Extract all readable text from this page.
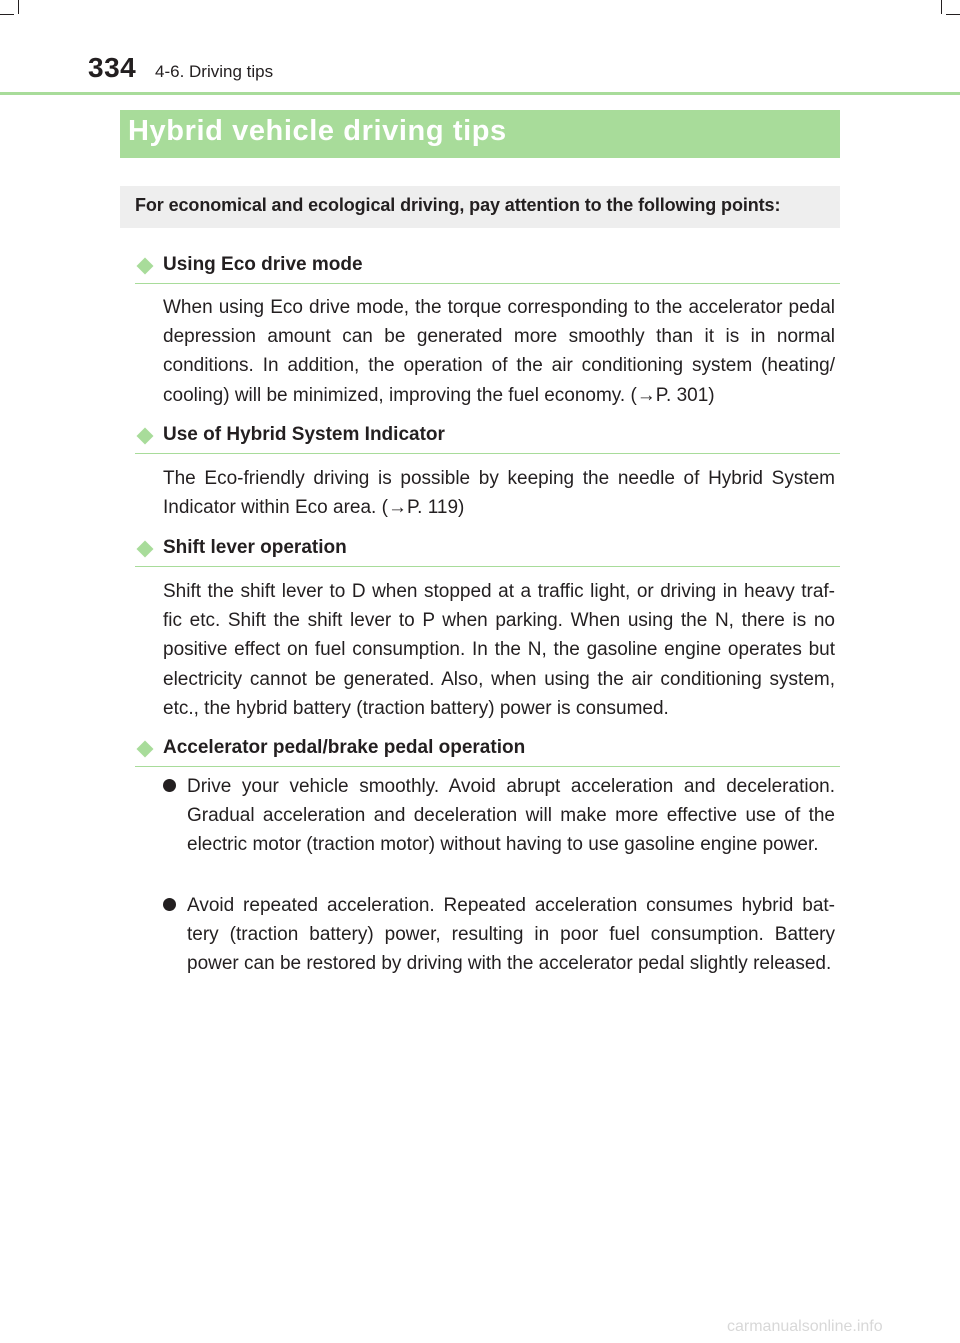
334 4-6. Driving tips
Hybrid vehicle driving tips
For economical and ecological driving, pay attention to the following points:
Using Eco drive mode
When using Eco drive mode, the torque corresponding to the accelerator pedal depression amount can be generated more smoothly than it is in normal conditions. In addition, the operation of the air conditioning system (heating/ cooling) will be minimized, improving the fuel economy. (→P. 301)
Use of Hybrid System Indicator
The Eco-friendly driving is possible by keeping the needle of Hybrid System Indicator within Eco area. (→P. 119)
Shift lever operation
Shift the shift lever to D when stopped at a traffic light, or driving in heavy traf- fic etc. Shift the shift lever to P when parking. When using the N, there is no positive effect on fuel consumption. In the N, the gasoline engine operates but electricity cannot be generated. Also, when using the air conditioning system, etc., the hybrid battery (traction battery) power is consumed.
Accelerator pedal/brake pedal operation
Drive your vehicle smoothly. Avoid abrupt acceleration and deceleration. Gradual acceleration and deceleration will make more effective use of the electric motor (traction motor) without having to use gasoline engine power.
Avoid repeated acceleration. Repeated acceleration consumes hybrid bat- tery (traction battery) power, resulting in poor fuel consumption. Battery power can be restored by driving with the accelerator pedal slightly released.
carmanualsonline.info
